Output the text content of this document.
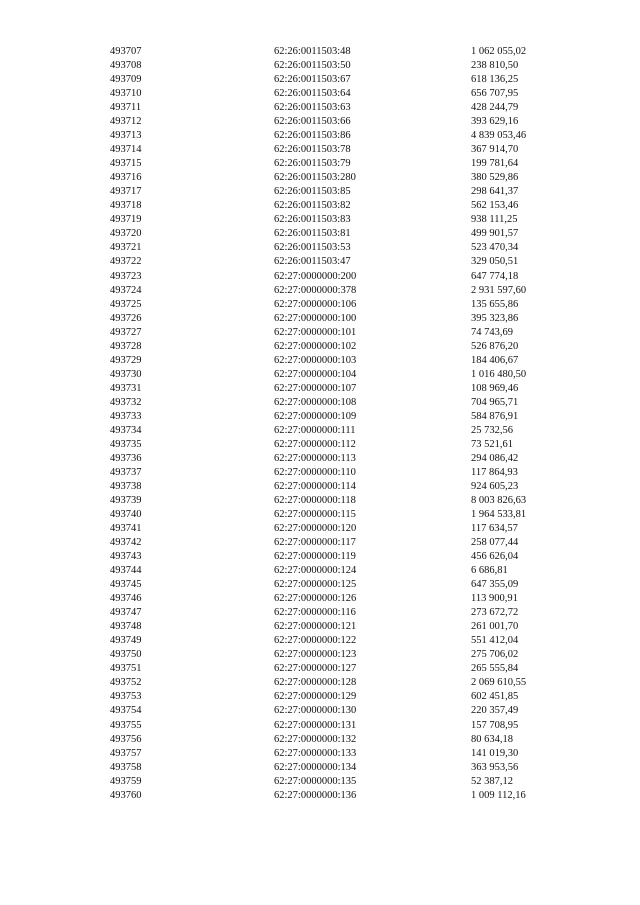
493707	62:26:0011503:48	1 062 055,02
493708	62:26:0011503:50	238 810,50
493709	62:26:0011503:67	618 136,25
493710	62:26:0011503:64	656 707,95
493711	62:26:0011503:63	428 244,79
493712	62:26:0011503:66	393 629,16
493713	62:26:0011503:86	4 839 053,46
493714	62:26:0011503:78	367 914,70
493715	62:26:0011503:79	199 781,64
493716	62:26:0011503:280	380 529,86
493717	62:26:0011503:85	298 641,37
493718	62:26:0011503:82	562 153,46
493719	62:26:0011503:83	938 111,25
493720	62:26:0011503:81	499 901,57
493721	62:26:0011503:53	523 470,34
493722	62:26:0011503:47	329 050,51
493723	62:27:0000000:200	647 774,18
493724	62:27:0000000:378	2 931 597,60
493725	62:27:0000000:106	135 655,86
493726	62:27:0000000:100	395 323,86
493727	62:27:0000000:101	74 743,69
493728	62:27:0000000:102	526 876,20
493729	62:27:0000000:103	184 406,67
493730	62:27:0000000:104	1 016 480,50
493731	62:27:0000000:107	108 969,46
493732	62:27:0000000:108	704 965,71
493733	62:27:0000000:109	584 876,91
493734	62:27:0000000:111	25 732,56
493735	62:27:0000000:112	73 521,61
493736	62:27:0000000:113	294 086,42
493737	62:27:0000000:110	117 864,93
493738	62:27:0000000:114	924 605,23
493739	62:27:0000000:118	8 003 826,63
493740	62:27:0000000:115	1 964 533,81
493741	62:27:0000000:120	117 634,57
493742	62:27:0000000:117	258 077,44
493743	62:27:0000000:119	456 626,04
493744	62:27:0000000:124	6 686,81
493745	62:27:0000000:125	647 355,09
493746	62:27:0000000:126	113 900,91
493747	62:27:0000000:116	273 672,72
493748	62:27:0000000:121	261 001,70
493749	62:27:0000000:122	551 412,04
493750	62:27:0000000:123	275 706,02
493751	62:27:0000000:127	265 555,84
493752	62:27:0000000:128	2 069 610,55
493753	62:27:0000000:129	602 451,85
493754	62:27:0000000:130	220 357,49
493755	62:27:0000000:131	157 708,95
493756	62:27:0000000:132	80 634,18
493757	62:27:0000000:133	141 019,30
493758	62:27:0000000:134	363 953,56
493759	62:27:0000000:135	52 387,12
493760	62:27:0000000:136	1 009 112,16
